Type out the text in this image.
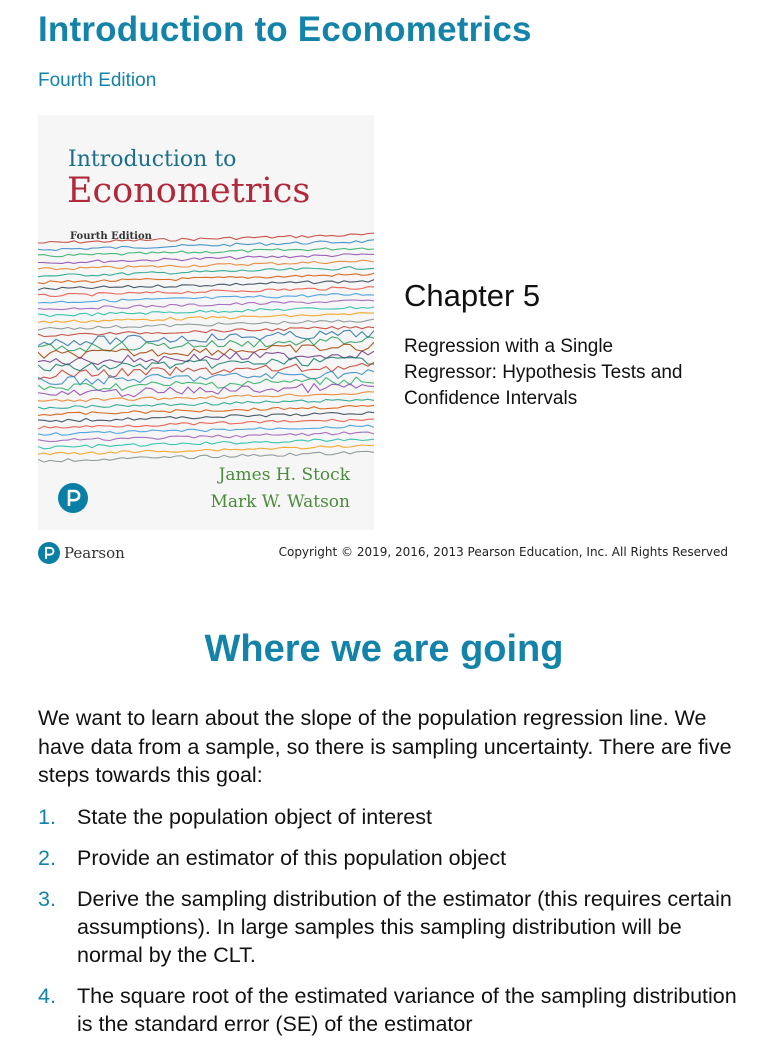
Introduction to Econometrics
Fourth Edition
Introduction to
Econometrics
Fourth Edition
James H. Stock
Mark W. Watson
Chapter 5
Regression with a Single Regressor: Hypothesis Tests and Confidence Intervals
Pearson	Copyright © 2019, 2016, 2013 Pearson Education, Inc. All Rights Reserved
Where we are going
We want to learn about the slope of the population regression line. We have data from a sample, so there is sampling uncertainty. There are five steps towards this goal:
1. State the population object of interest
2. Provide an estimator of this population object
3. Derive the sampling distribution of the estimator (this requires certain assumptions). In large samples this sampling distribution will be normal by the CLT.
4. The square root of the estimated variance of the sampling distribution is the standard error (SE) of the estimator
